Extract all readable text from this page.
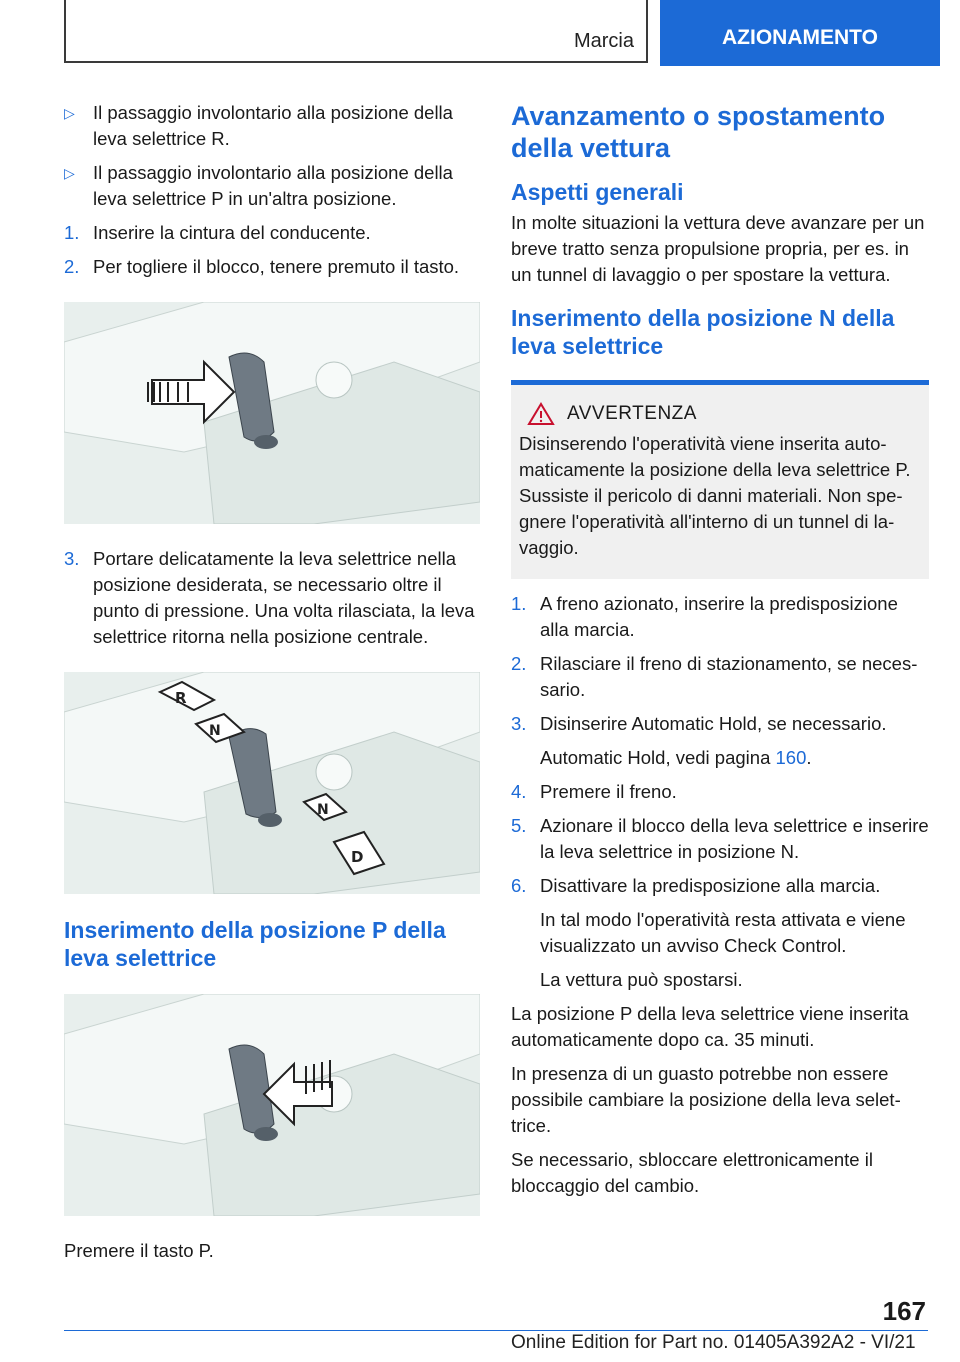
Marcia	AZIONAMENTO
▷ Il passaggio involontario alla posizione della leva selettrice R.
▷ Il passaggio involontario alla posizione della leva selettrice P in un'altra posizione.
1. Inserire la cintura del conducente.
2. Per togliere il blocco, tenere premuto il tasto.
3. Portare delicatamente la leva selettrice nella posizione desiderata, se necessario oltre il punto di pressione. Una volta rilasciata, la leva selettrice ritorna nella posizione centrale.
R
N
N
D
Inserimento della posizione P della leva selettrice

Premere il tasto P.

Avanzamento o spostamento della vettura
Aspetti generali

In molte situazioni la vettura deve avanzare per un breve tratto senza propulsione propria, per es. in un tunnel di lavaggio o per spostare la vettura.

Inserimento della posizione N della leva selettrice
AVVERTENZA
Disinserendo l'operatività viene inserita automaticamente la posizione della leva selettrice P. Sussiste il pericolo di danni materiali. Non spegnere l'operatività all'interno di un tunnel di lavaggio.
1. A freno azionato, inserire la predisposizione alla marcia.
2. Rilasciare il freno di stazionamento, se necessario.
3. Disinserire Automatic Hold, se necessario.
Automatic Hold, vedi pagina 160.
4. Premere il freno.
5. Azionare il blocco della leva selettrice e inserire la leva selettrice in posizione N.
6. Disattivare la predisposizione alla marcia.
In tal modo l'operatività resta attivata e viene visualizzato un avviso Check Control.
La vettura può spostarsi.

La posizione P della leva selettrice viene inserita automaticamente dopo ca. 35 minuti.

In presenza di un guasto potrebbe non essere possibile cambiare la posizione della leva selettrice.

Se necessario, sbloccare elettronicamente il bloccaggio del cambio.

167
Online Edition for Part no. 01405A392A2 - VI/21
